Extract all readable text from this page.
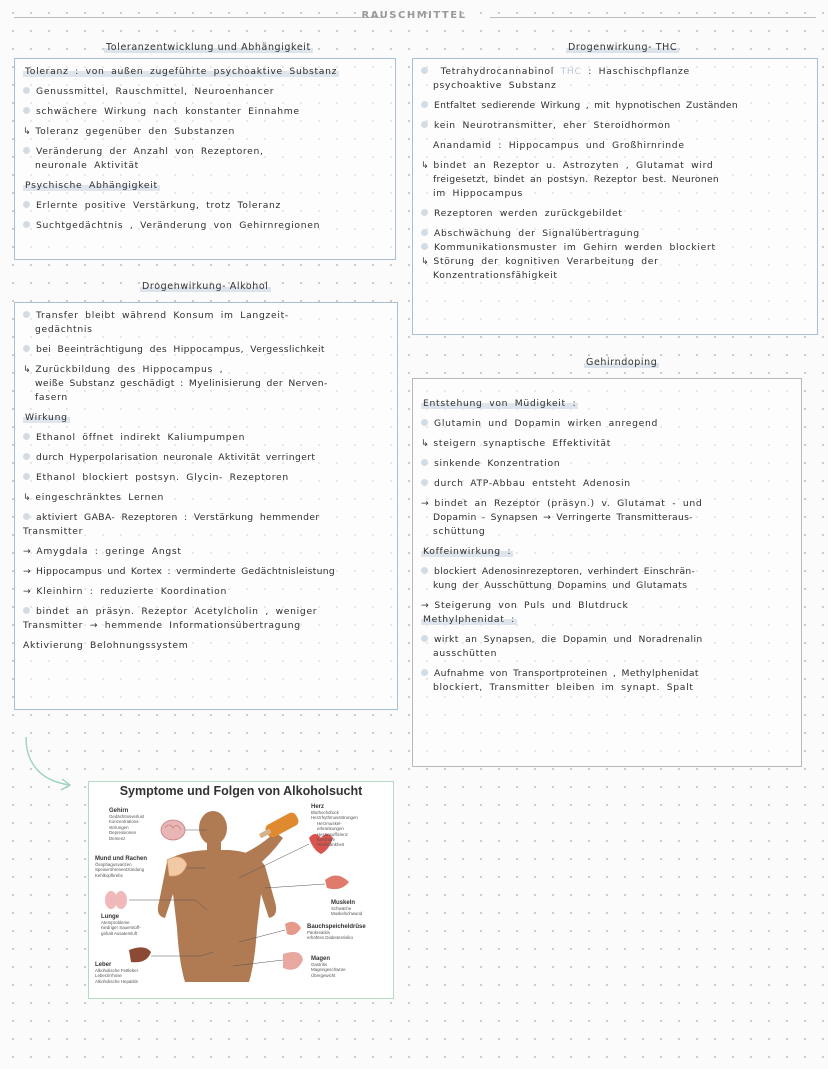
RAUSCHMITTEL
Toleranzentwicklung und Abhängigkeit
Toleranz : von außen zugeführte psychoaktive Substanz
Genussmittel, Rauschmittel, Neuroenhancer
schwächere Wirkung nach konstanter Einnahme
↳ Toleranz gegenüber den Substanzen
Veränderung der Anzahl von Rezeptoren,
neuronale Aktivität
Psychische Abhängigkeit
Erlernte positive Verstärkung, trotz Toleranz
Suchtgedächtnis , Veränderung von Gehirnregionen
Drogenwirkung- THC
Tetrahydrocannabinol THC : Haschischpflanze
psychoaktive Substanz
Entfaltet sedierende Wirkung , mit hypnotischen Zuständen
kein Neurotransmitter, eher Steroidhormon
Anandamid : Hippocampus und Großhirnrinde
↳ bindet an Rezeptor u. Astrozyten , Glutamat wird
freigesetzt, bindet an postsyn. Rezeptor best. Neuronen
im Hippocampus
Rezeptoren werden zurückgebildet
Abschwächung der Signalübertragung
Kommunikationsmuster im Gehirn werden blockiert
↳ Störung der kognitiven Verarbeitung der
Konzentrationsfähigkeit
Drogenwirkung- Alkohol
Transfer bleibt während Konsum im Langzeit-
gedächtnis
bei Beeinträchtigung des Hippocampus, Vergesslichkeit
↳ Zurückbildung des Hippocampus ,
weiße Substanz geschädigt : Myelinisierung der Nerven-
fasern
Wirkung
Ethanol öffnet indirekt Kaliumpumpen
durch Hyperpolarisation neuronale Aktivität verringert
Ethanol blockiert postsyn. Glycin- Rezeptoren
↳ eingeschränktes Lernen
aktiviert GABA- Rezeptoren : Verstärkung hemmender
Transmitter
→ Amygdala : geringe Angst
→ Hippocampus und Kortex : verminderte Gedächtnisleistung
→ Kleinhirn : reduzierte Koordination
bindet an präsyn. Rezeptor Acetylcholin , weniger
Transmitter → hemmende Informationsübertragung
Aktivierung Belohnungssystem
Gehirndoping
Entstehung von Müdigkeit :
Glutamin und Dopamin wirken anregend
↳ steigern synaptische Effektivität
sinkende Konzentration
durch ATP-Abbau entsteht Adenosin
→ bindet an Rezeptor (präsyn.) v. Glutamat - und
Dopamin - Synapsen → Verringerte Transmitteraus-
schüttung
Koffeinwirkung :
blockiert Adenosinrezeptoren, verhindert Einschrän-
kung der Ausschüttung Dopamins und Glutamats
→ Steigerung von Puls und Blutdruck
Methylphenidat :
wirkt an Synapsen, die Dopamin und Noradrenalin
ausschütten
Aufnahme von Transportproteinen , Methylphenidat
blockiert, Transmitter bleiben im synapt. Spalt
Symptome und Folgen von Alkoholsucht
Gehirn
Gedächtnisverlust
Konzentrations-
störungen
Depressionen
Demenz
Mund und Rachen
Ösophagusvarizen
Speiseröhrenentzündung
Kehlkopfkrebs
Lunge
Atemprobleme
niedriger Sauerstoff-
gehalt Ausatemluft
Leber
Alkoholische Fettleber
Leberzirrhose
Alkoholische Hepatitis
Herz
Bluthochdruck
Herzrhythmusstörungen
Herzmuskel-
erkrankungen
Herzinsuffizienz
Koronare
Herzkrankheit
Muskeln
Schwäche
Muskelschwund
Bauchspeicheldrüse
Pankreatitis
erhöhtes Diabetesrisiko
Magen
Gastritis
Magengeschwüre
Übergewicht
